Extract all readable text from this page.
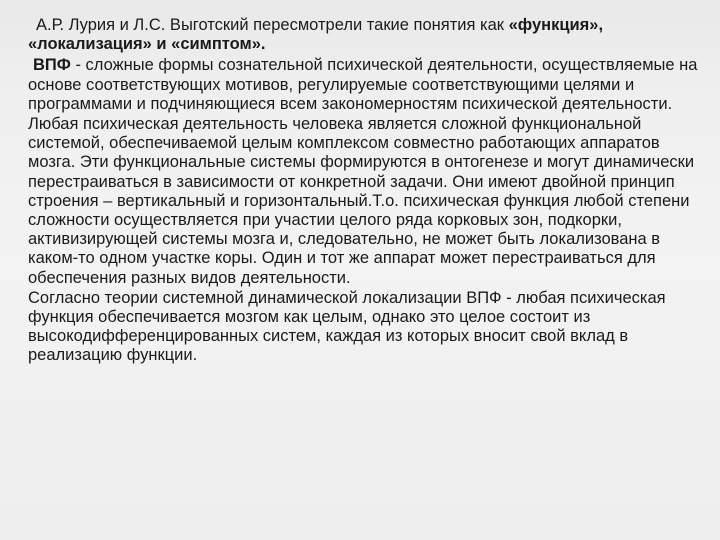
А.Р. Лурия и Л.С. Выготский пересмотрели такие понятия как «функция», «локализация» и «симптом».

ВПФ - сложные формы сознательной психической деятельности, осуществляемые на основе соответствующих мотивов, регулируемые соответствующими целями и программами и подчиняющиеся всем закономерностям психической деятельности.

Любая психическая деятельность человека является сложной функциональной системой, обеспечиваемой целым комплексом совместно работающих аппаратов мозга. Эти функциональные системы формируются в онтогенезе и могут динамически перестраиваться в зависимости от конкретной задачи. Они имеют двойной принцип строения – вертикальный и горизонтальный.Т.о. психическая функция любой степени сложности осуществляется при участии целого ряда корковых зон, подкорки, активизирующей системы мозга и, следовательно, не может быть локализована в каком-то одном участке коры. Один и тот же аппарат может перестраиваться для обеспечения разных видов деятельности.

Согласно теории системной динамической локализации ВПФ - любая психическая функция обеспечивается мозгом как целым, однако это целое состоит из высокодифференцированных систем, каждая из которых вносит свой вклад в реализацию функции.
